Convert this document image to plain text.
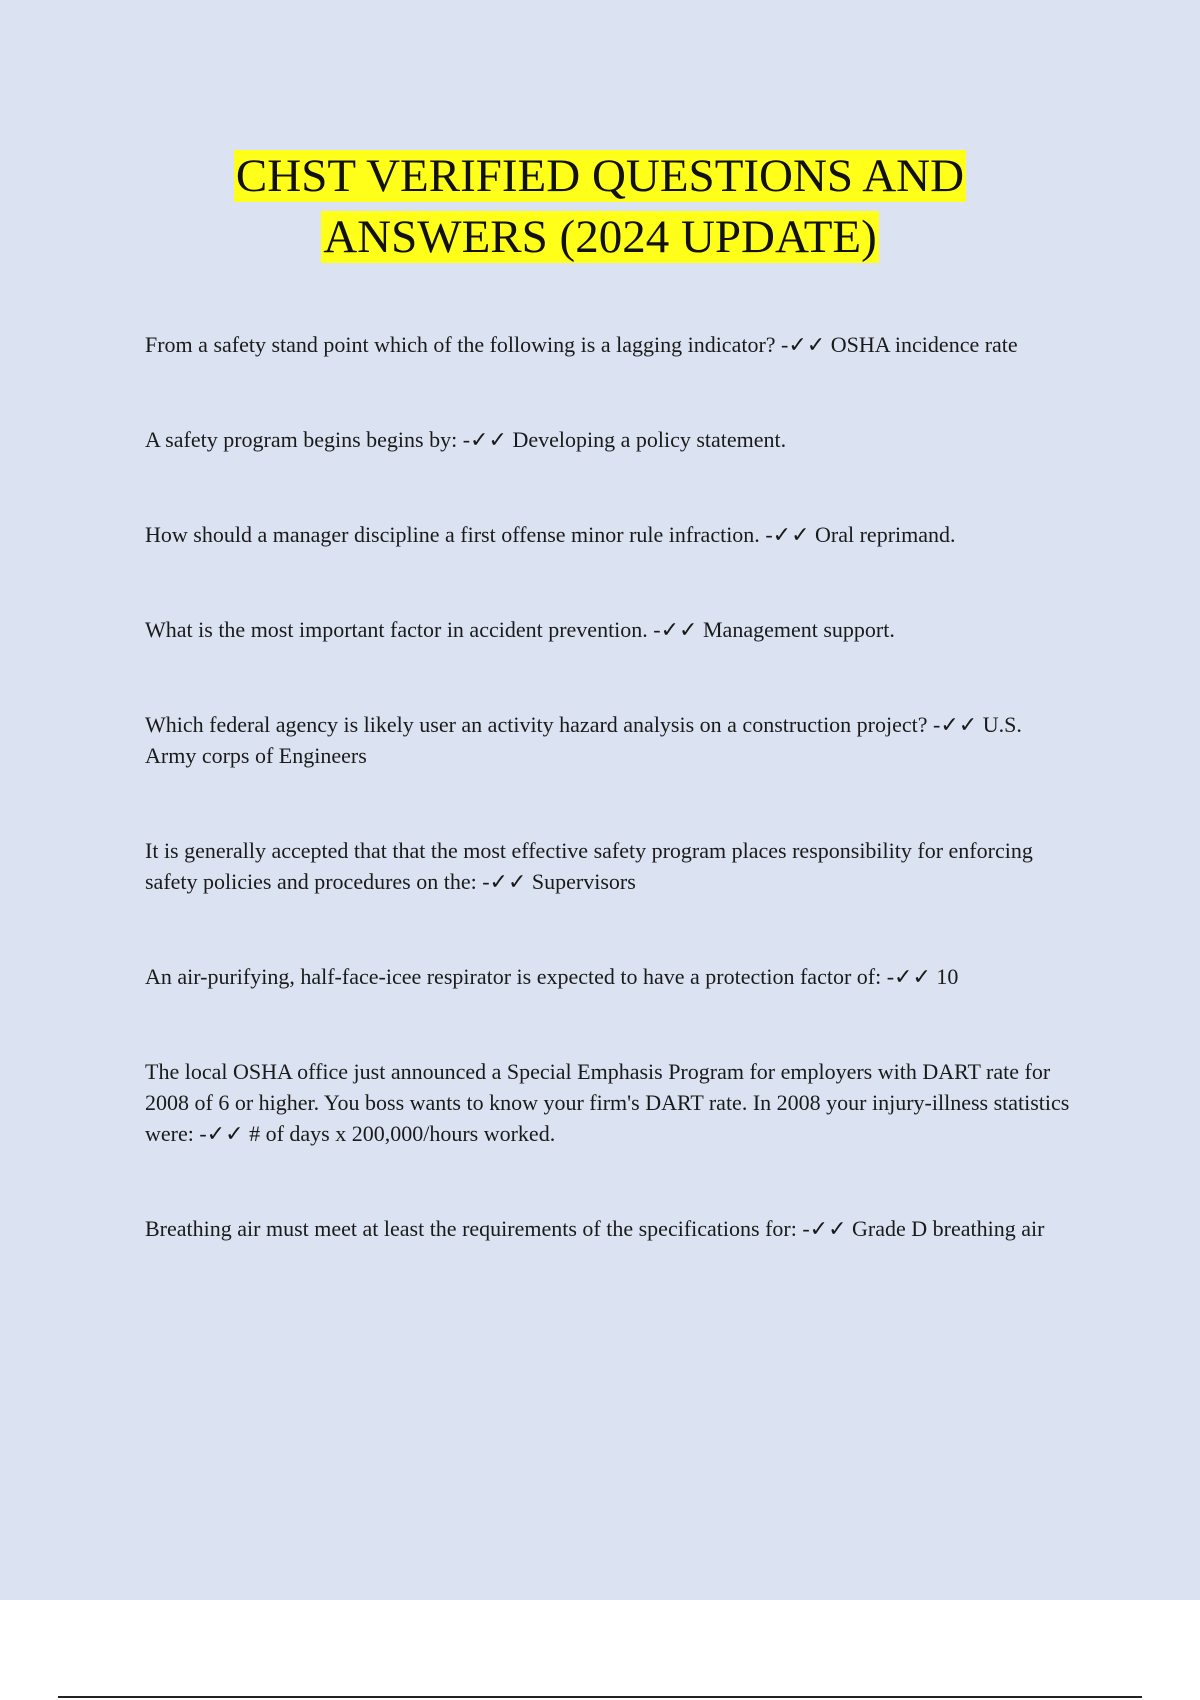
CHST VERIFIED QUESTIONS AND
ANSWERS (2024 UPDATE)
From a safety stand point which of the following is a lagging indicator? -✓✓ OSHA incidence rate
A safety program begins begins by: -✓✓ Developing a policy statement.
How should a manager discipline a first offense minor rule infraction. -✓✓ Oral reprimand.
What is the most important factor in accident prevention. -✓✓ Management support.
Which federal agency is likely user an activity hazard analysis on a construction project? -✓✓ U.S. Army corps of Engineers
It is generally accepted that that the most effective safety program places responsibility for enforcing safety policies and procedures on the: -✓✓ Supervisors
An air-purifying, half-face-icee respirator is expected to have a protection factor of: -✓✓ 10
The local OSHA office just announced a Special Emphasis Program for employers with DART rate for 2008 of 6 or higher. You boss wants to know your firm's DART rate. In 2008 your injury-illness statistics were: -✓✓ # of days x 200,000/hours worked.
Breathing air must meet at least the requirements of the specifications for: -✓✓ Grade D breathing air
